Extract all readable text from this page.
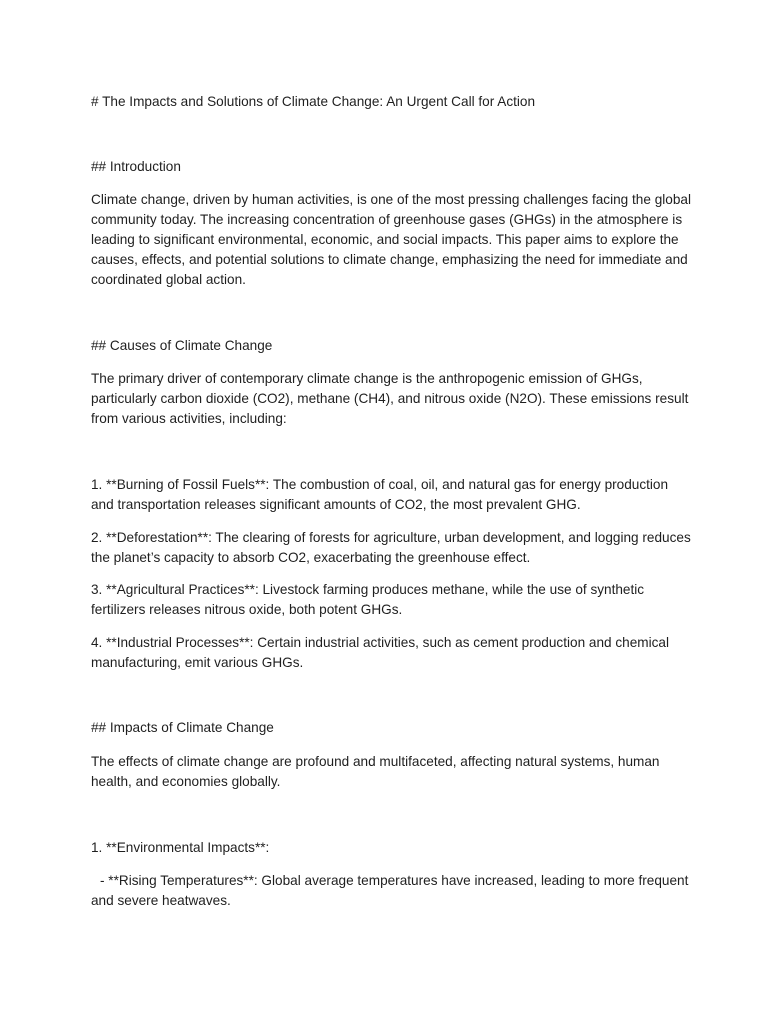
# The Impacts and Solutions of Climate Change: An Urgent Call for Action

## Introduction

Climate change, driven by human activities, is one of the most pressing challenges facing the global community today. The increasing concentration of greenhouse gases (GHGs) in the atmosphere is leading to significant environmental, economic, and social impacts. This paper aims to explore the causes, effects, and potential solutions to climate change, emphasizing the need for immediate and coordinated global action.

## Causes of Climate Change

The primary driver of contemporary climate change is the anthropogenic emission of GHGs, particularly carbon dioxide (CO2), methane (CH4), and nitrous oxide (N2O). These emissions result from various activities, including:

1. **Burning of Fossil Fuels**: The combustion of coal, oil, and natural gas for energy production and transportation releases significant amounts of CO2, the most prevalent GHG.

2. **Deforestation**: The clearing of forests for agriculture, urban development, and logging reduces the planet’s capacity to absorb CO2, exacerbating the greenhouse effect.

3. **Agricultural Practices**: Livestock farming produces methane, while the use of synthetic fertilizers releases nitrous oxide, both potent GHGs.

4. **Industrial Processes**: Certain industrial activities, such as cement production and chemical manufacturing, emit various GHGs.

## Impacts of Climate Change

The effects of climate change are profound and multifaceted, affecting natural systems, human health, and economies globally.

1. **Environmental Impacts**:

- **Rising Temperatures**: Global average temperatures have increased, leading to more frequent and severe heatwaves.
